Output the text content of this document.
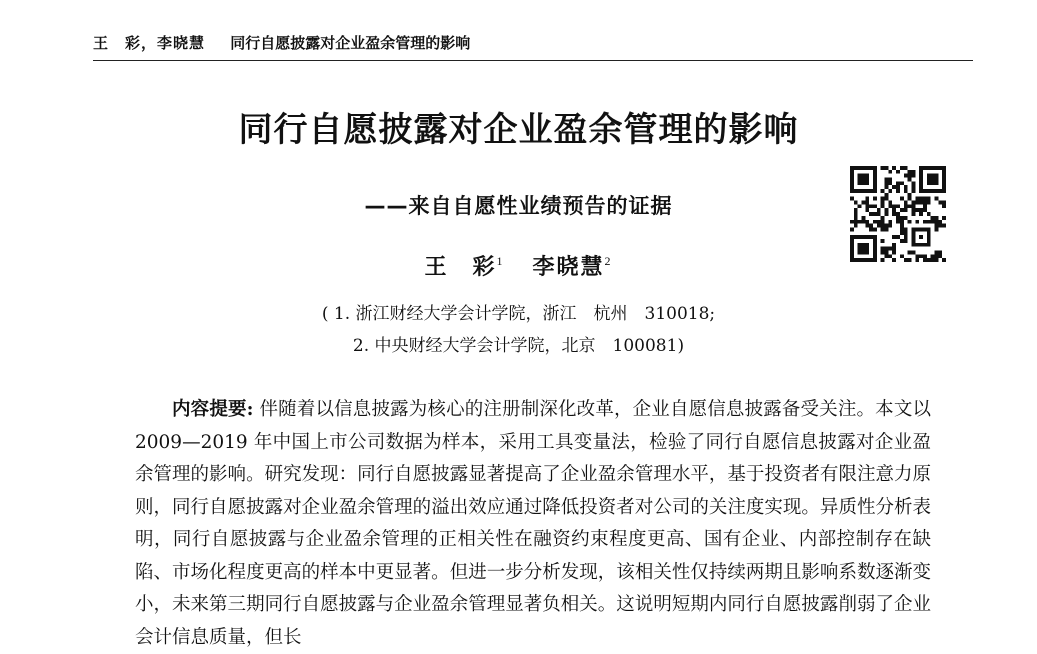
王　彩，李晓慧 同行自愿披露对企业盈余管理的影响
同行自愿披露对企业盈余管理的影响
——来自自愿性业绩预告的证据
王　彩$^1$ 李晓慧$^2$
( 1. 浙江财经大学会计学院，浙江　杭州　310018;
2. 中央财经大学会计学院，北京　100081)
内容提要: 伴随着以信息披露为核心的注册制深化改革，企业自愿信息披露备受关注。本文以 2009—2019 年中国上市公司数据为样本，采用工具变量法，检验了同行自愿信息披露对企业盈余管理的影响。研究发现：同行自愿披露显著提高了企业盈余管理水平，基于投资者有限注意力原则，同行自愿披露对企业盈余管理的溢出效应通过降低投资者对公司的关注度实现。异质性分析表明，同行自愿披露与企业盈余管理的正相关性在融资约束程度更高、国有企业、内部控制存在缺陷、市场化程度更高的样本中更显著。但进一步分析发现，该相关性仅持续两期且影响系数逐渐变小，未来第三期同行自愿披露与企业盈余管理显著负相关。这说明短期内同行自愿披露削弱了企业会计信息质量，但长
